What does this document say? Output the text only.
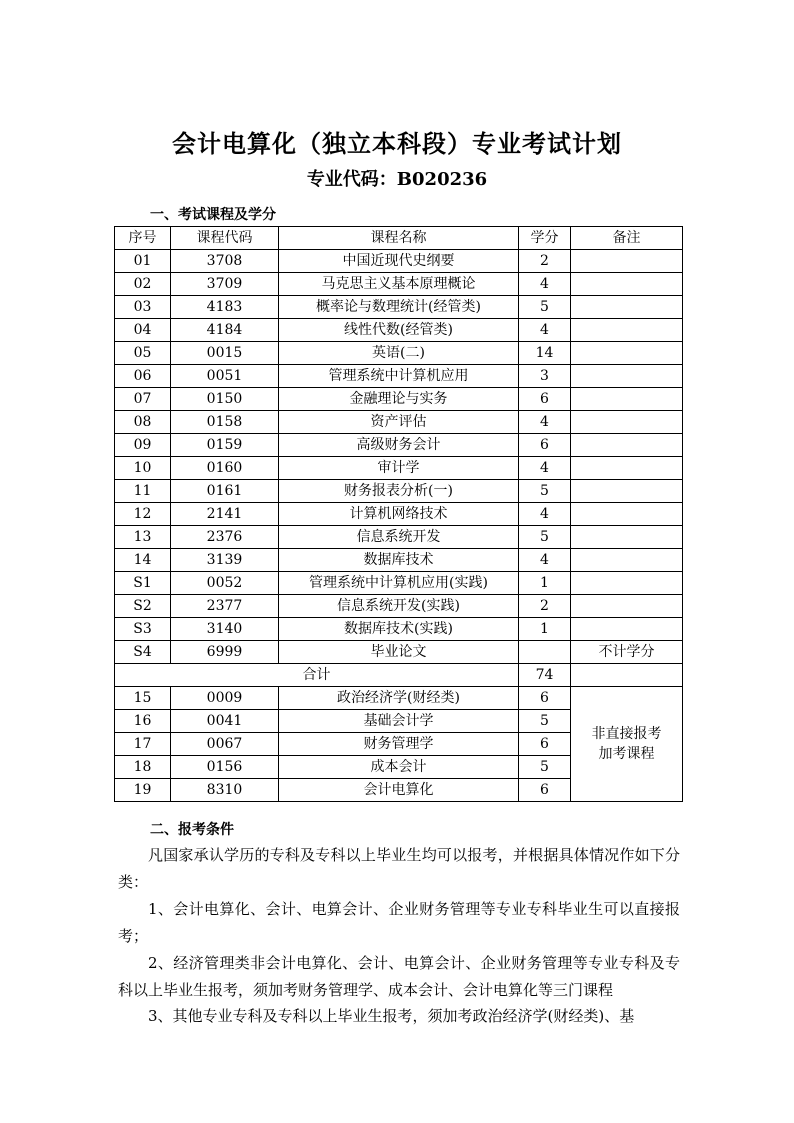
会计电算化（独立本科段）专业考试计划
专业代码：B020236
一、考试课程及学分
序号	课程代码	课程名称	学分	备注
01	3708	中国近现代史纲要	2	
02	3709	马克思主义基本原理概论	4	
03	4183	概率论与数理统计(经管类)	5	
04	4184	线性代数(经管类)	4	
05	0015	英语(二)	14	
06	0051	管理系统中计算机应用	3	
07	0150	金融理论与实务	6	
08	0158	资产评估	4	
09	0159	高级财务会计	6	
10	0160	审计学	4	
11	0161	财务报表分析(一)	5	
12	2141	计算机网络技术	4	
13	2376	信息系统开发	5	
14	3139	数据库技术	4	
S1	0052	管理系统中计算机应用(实践)	1	
S2	2377	信息系统开发(实践)	2	
S3	3140	数据库技术(实践)	1	
S4	6999	毕业论文		不计学分
合计			74	
15	0009	政治经济学(财经类)	6	非直接报考
加考课程

16	0041	基础会计学	5	
17	0067	财务管理学	6	
18	0156	成本会计	5	
19	8310	会计电算化	6	
二、报考条件

凡国家承认学历的专科及专科以上毕业生均可以报考，并根据具体情况作如下分类：

1、会计电算化、会计、电算会计、企业财务管理等专业专科毕业生可以直接报考；

2、经济管理类非会计电算化、会计、电算会计、企业财务管理等专业专科及专科以上毕业生报考，须加考财务管理学、成本会计、会计电算化等三门课程

3、其他专业专科及专科以上毕业生报考，须加考政治经济学(财经类)、基
